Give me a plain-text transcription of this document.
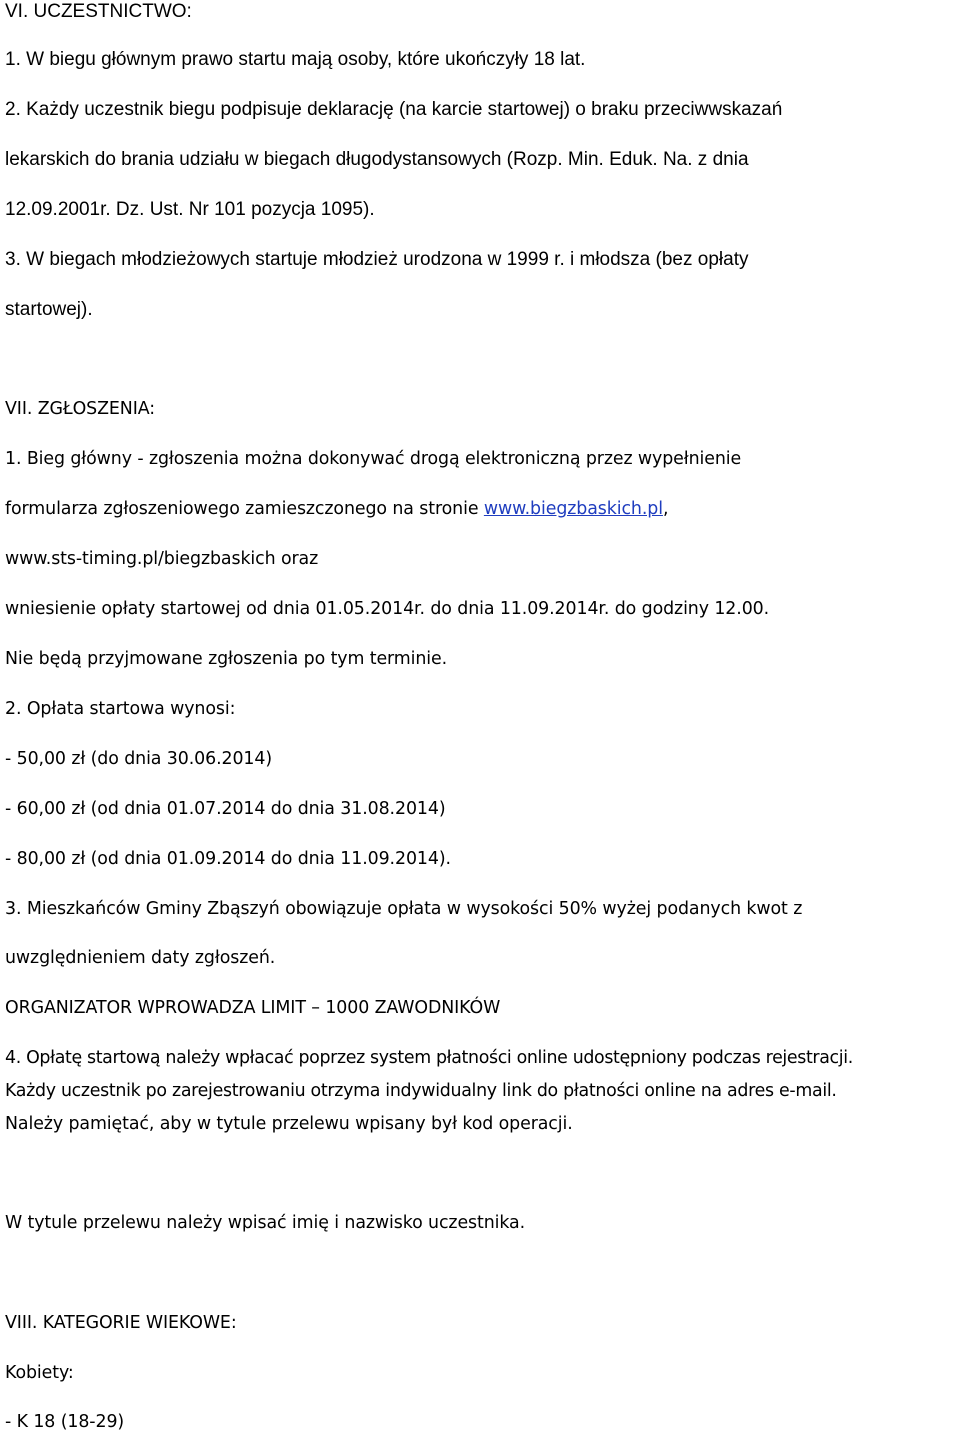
VI. UCZESTNICTWO:

1. W biegu głównym prawo startu mają osoby, które ukończyły 18 lat.

2. Każdy uczestnik biegu podpisuje deklarację (na karcie startowej) o braku przeciwwskazań

lekarskich do brania udziału w biegach długodystansowych (Rozp. Min. Eduk. Na. z dnia

12.09.2001r. Dz. Ust. Nr 101 pozycja 1095).

3. W biegach młodzieżowych startuje młodzież urodzona w 1999 r. i młodsza (bez opłaty

startowej).

VII. ZGŁOSZENIA:

1. Bieg główny - zgłoszenia można dokonywać drogą elektroniczną przez wypełnienie

formularza zgłoszeniowego zamieszczonego na stronie www.biegzbaskich.pl,

www.sts-timing.pl/biegzbaskich oraz

wniesienie opłaty startowej od dnia 01.05.2014r. do dnia 11.09.2014r. do godziny 12.00.

Nie będą przyjmowane zgłoszenia po tym terminie.

2. Opłata startowa wynosi:

- 50,00 zł (do dnia 30.06.2014)

- 60,00 zł (od dnia 01.07.2014 do dnia 31.08.2014)

- 80,00 zł (od dnia 01.09.2014 do dnia 11.09.2014).

3. Mieszkańców Gminy Zbąszyń obowiązuje opłata w wysokości 50% wyżej podanych kwot z

uwzględnieniem daty zgłoszeń.

ORGANIZATOR WPROWADZA LIMIT – 1000 ZAWODNIKÓW

4. Opłatę startową należy wpłacać poprzez system płatności online udostępniony podczas rejestracji.

Każdy uczestnik po zarejestrowaniu otrzyma indywidualny link do płatności online na adres e-mail.

Należy pamiętać, aby w tytule przelewu wpisany był kod operacji.

W tytule przelewu należy wpisać imię i nazwisko uczestnika.

VIII. KATEGORIE WIEKOWE:

Kobiety:

- K 18 (18-29)
